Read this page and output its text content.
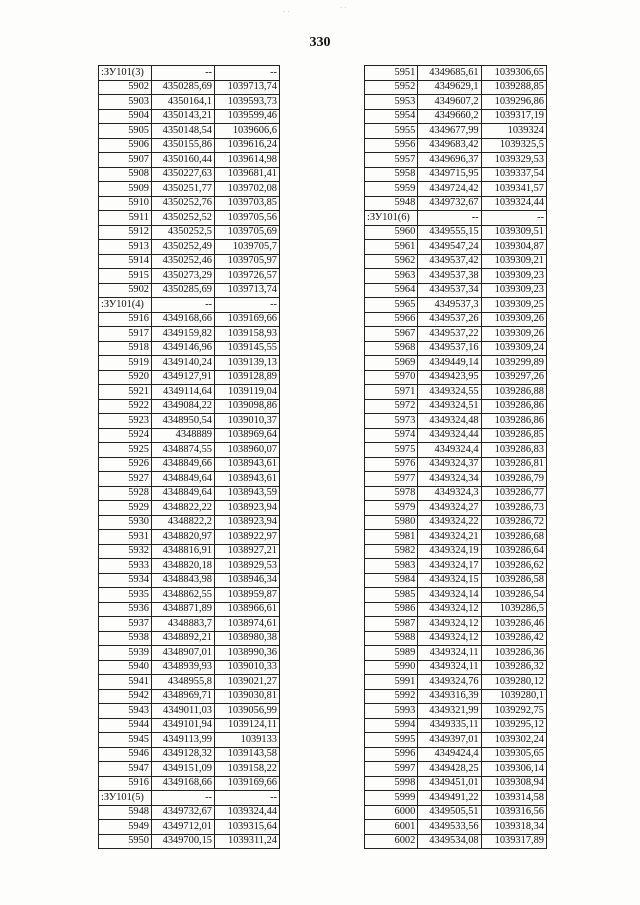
· ·	· ·
330
:ЗУ101(3)	--	--
5902	4350285,69	1039713,74
5903	4350164,1	1039593,73
5904	4350143,21	1039599,46
5905	4350148,54	1039606,6
5906	4350155,86	1039616,24
5907	4350160,44	1039614,98
5908	4350227,63	1039681,41
5909	4350251,77	1039702,08
5910	4350252,76	1039703,85
5911	4350252,52	1039705,56
5912	4350252,5	1039705,69
5913	4350252,49	1039705,7
5914	4350252,46	1039705,97
5915	4350273,29	1039726,57
5902	4350285,69	1039713,74
:ЗУ101(4)	--	--
5916	4349168,66	1039169,66
5917	4349159,82	1039158,93
5918	4349146,96	1039145,55
5919	4349140,24	1039139,13
5920	4349127,91	1039128,89
5921	4349114,64	1039119,04
5922	4349084,22	1039098,86
5923	4348950,54	1039010,37
5924	4348889	1038969,64
5925	4348874,55	1038960,07
5926	4348849,66	1038943,61
5927	4348849,64	1038943,61
5928	4348849,64	1038943,59
5929	4348822,22	1038923,94
5930	4348822,2	1038923,94
5931	4348820,97	1038922,97
5932	4348816,91	1038927,21
5933	4348820,18	1038929,53
5934	4348843,98	1038946,34
5935	4348862,55	1038959,87
5936	4348871,89	1038966,61
5937	4348883,7	1038974,61
5938	4348892,21	1038980,38
5939	4348907,01	1038990,36
5940	4348939,93	1039010,33
5941	4348955,8	1039021,27
5942	4348969,71	1039030,81
5943	4349011,03	1039056,99
5944	4349101,94	1039124,11
5945	4349113,99	1039133
5946	4349128,32	1039143,58
5947	4349151,09	1039158,22
5916	4349168,66	1039169,66
:ЗУ101(5)	--	--
5948	4349732,67	1039324,44
5949	4349712,01	1039315,64
5950	4349700,15	1039311,24
5951	4349685,61	1039306,65
5952	4349629,1	1039288,85
5953	4349607,2	1039296,86
5954	4349660,2	1039317,19
5955	4349677,99	1039324
5956	4349683,42	1039325,5
5957	4349696,37	1039329,53
5958	4349715,95	1039337,54
5959	4349724,42	1039341,57
5948	4349732,67	1039324,44
:ЗУ101(6)	--	--
5960	4349555,15	1039309,51
5961	4349547,24	1039304,87
5962	4349537,42	1039309,21
5963	4349537,38	1039309,23
5964	4349537,34	1039309,23
5965	4349537,3	1039309,25
5966	4349537,26	1039309,26
5967	4349537,22	1039309,26
5968	4349537,16	1039309,24
5969	4349449,14	1039299,89
5970	4349423,95	1039297,26
5971	4349324,55	1039286,88
5972	4349324,51	1039286,86
5973	4349324,48	1039286,86
5974	4349324,44	1039286,85
5975	4349324,4	1039286,83
5976	4349324,37	1039286,81
5977	4349324,34	1039286,79
5978	4349324,3	1039286,77
5979	4349324,27	1039286,73
5980	4349324,22	1039286,72
5981	4349324,21	1039286,68
5982	4349324,19	1039286,64
5983	4349324,17	1039286,62
5984	4349324,15	1039286,58
5985	4349324,14	1039286,54
5986	4349324,12	1039286,5
5987	4349324,12	1039286,46
5988	4349324,12	1039286,42
5989	4349324,11	1039286,36
5990	4349324,11	1039286,32
5991	4349324,76	1039280,12
5992	4349316,39	1039280,1
5993	4349321,99	1039292,75
5994	4349335,11	1039295,12
5995	4349397,01	1039302,24
5996	4349424,4	1039305,65
5997	4349428,25	1039306,14
5998	4349451,01	1039308,94
5999	4349491,22	1039314,58
6000	4349505,51	1039316,56
6001	4349533,56	1039318,34
6002	4349534,08	1039317,89
